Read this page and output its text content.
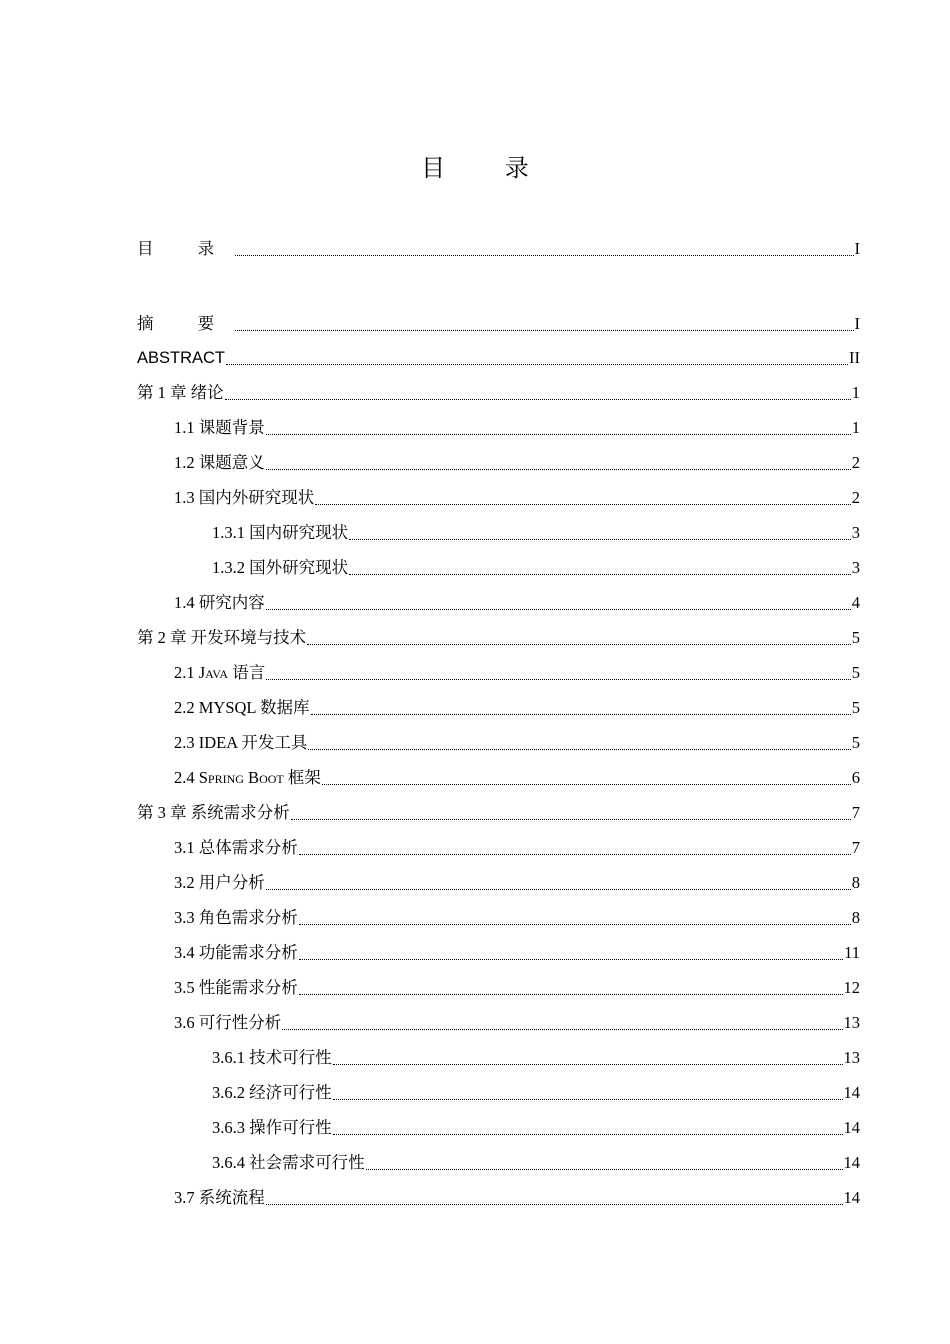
目 录
目 录	I
摘 要	I
ABSTRACT	II
第 1 章 绪论	1
1.1 课题背景	1
1.2 课题意义	2
1.3 国内外研究现状	2
1.3.1 国内研究现状	3
1.3.2 国外研究现状	3
1.4 研究内容	4
第 2 章 开发环境与技术	5
2.1 Java 语言	5
2.2 MYSQL 数据库	5
2.3 IDEA 开发工具	5
2.4 Spring Boot 框架	6
第 3 章 系统需求分析	7
3.1 总体需求分析	7
3.2 用户分析	8
3.3 角色需求分析	8
3.4 功能需求分析	11
3.5 性能需求分析	12
3.6 可行性分析	13
3.6.1 技术可行性	13
3.6.2 经济可行性	14
3.6.3 操作可行性	14
3.6.4 社会需求可行性	14
3.7 系统流程	14
